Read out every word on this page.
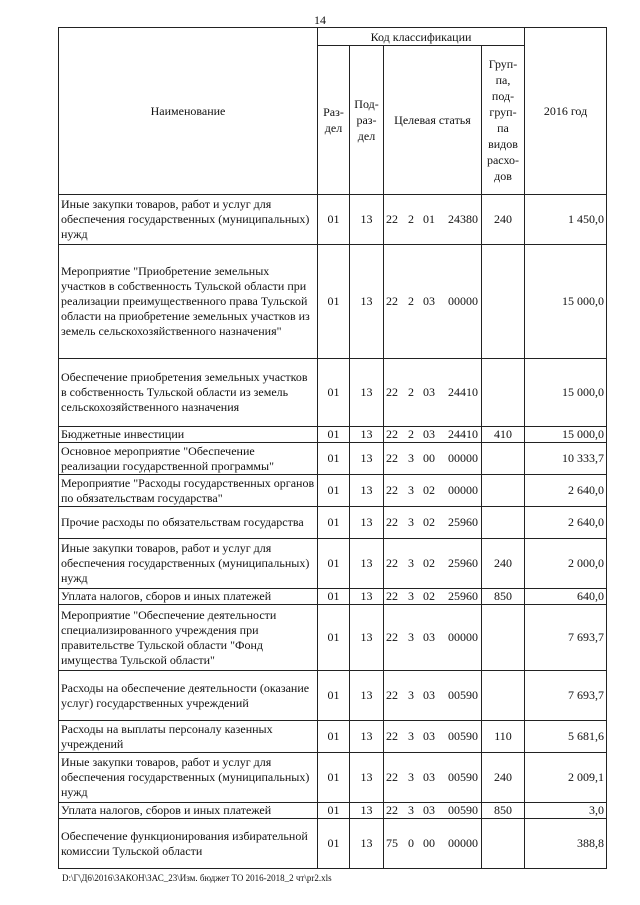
14
Наименование	Код классификации				2016 год
	Раз-дел	Под-раз-дел	Целевая статья	Груп-па, под-груп-па видов расхо-дов	
Иные закупки товаров, работ и услуг для обеспечения государственных (муниципальных) нужд	01	13	22 2 01 24380	240	1 450,0
Мероприятие "Приобретение земельных участков в собственность Тульской области при реализации преимущественного права Тульской области на приобретение земельных участков из земель сельскохозяйственного назначения"	01	13	22 2 03 00000		15 000,0
Обеспечение приобретения земельных участков в собственность Тульской области из земель сельскохозяйственного назначения	01	13	22 2 03 24410		15 000,0
Бюджетные инвестиции	01	13	22 2 03 24410	410	15 000,0
Основное мероприятие "Обеспечение реализации государственной программы"	01	13	22 3 00 00000		10 333,7
Мероприятие "Расходы государственных органов по обязательствам государства"	01	13	22 3 02 00000		2 640,0
Прочие расходы по обязательствам государства	01	13	22 3 02 25960		2 640,0
Иные закупки товаров, работ и услуг для обеспечения государственных (муниципальных) нужд	01	13	22 3 02 25960	240	2 000,0
Уплата налогов, сборов и иных платежей	01	13	22 3 02 25960	850	640,0
Мероприятие "Обеспечение деятельности специализированного учреждения при правительстве Тульской области "Фонд имущества Тульской области"	01	13	22 3 03 00000		7 693,7
Расходы на обеспечение деятельности (оказание услуг) государственных учреждений	01	13	22 3 03 00590		7 693,7
Расходы на выплаты персоналу казенных учреждений	01	13	22 3 03 00590	110	5 681,6
Иные закупки товаров, работ и услуг для обеспечения государственных (муниципальных) нужд	01	13	22 3 03 00590	240	2 009,1
Уплата налогов, сборов и иных платежей	01	13	22 3 03 00590	850	3,0
Обеспечение функционирования избирательной комиссии Тульской области	01	13	75 0 00 00000		388,8
D:\Г\Д6\2016\ЗАКОН\ЗАС_23\Изм. бюджет ТО 2016-2018_2 чт\pr2.xls
